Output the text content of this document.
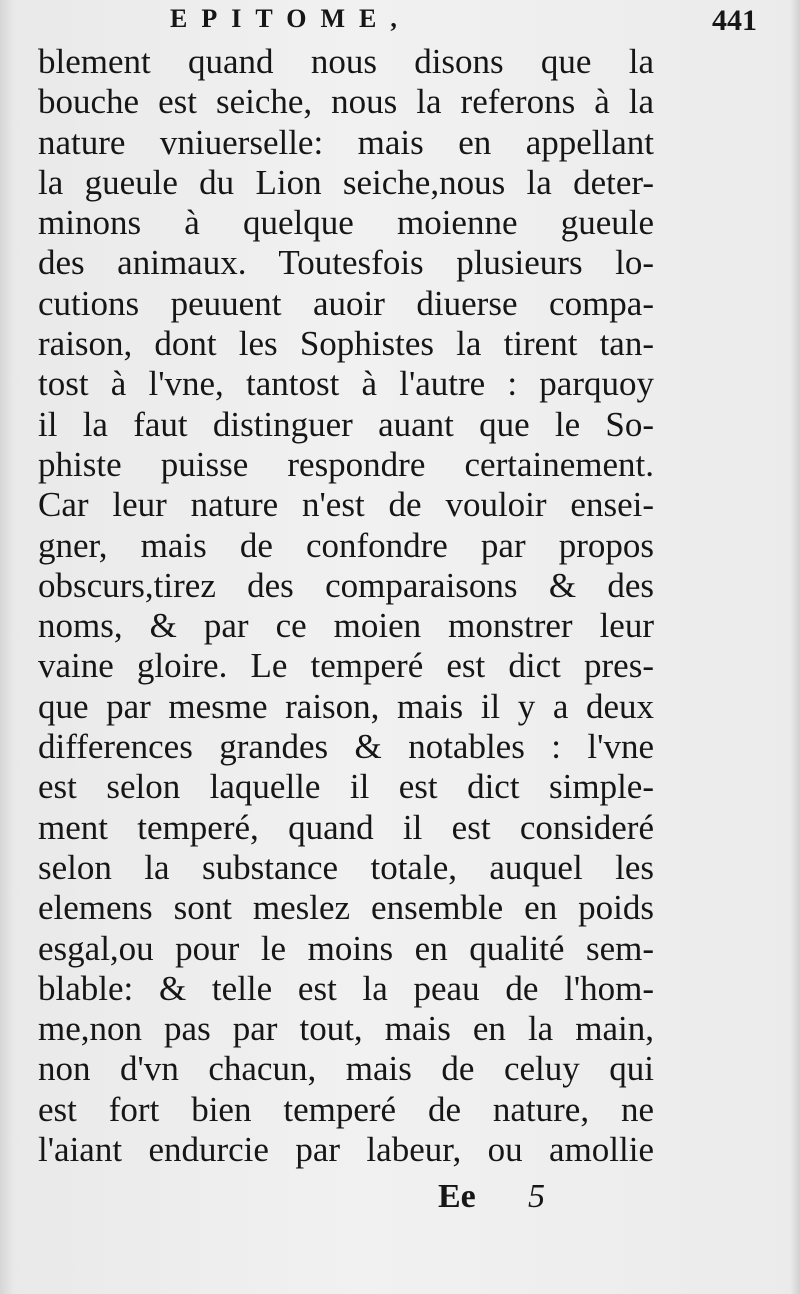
EPITOME,	441
blement quand nous disons que la
bouche est seiche, nous la referons à la
nature vniuerselle: mais en appellant
la gueule du Lion seiche,nous la deter-
minons à quelque moienne gueule
des animaux. Toutesfois plusieurs lo-
cutions peuuent auoir diuerse compa-
raison, dont les Sophistes la tirent tan-
tost à l'vne, tantost à l'autre : parquoy
il la faut distinguer auant que le So-
phiste puisse respondre certainement.
Car leur nature n'est de vouloir ensei-
gner, mais de confondre par propos
obscurs,tirez des comparaisons & des
noms, & par ce moien monstrer leur
vaine gloire. Le temperé est dict pres-
que par mesme raison, mais il y a deux
differences grandes & notables : l'vne
est selon laquelle il est dict simple-
ment temperé, quand il est consideré
selon la substance totale, auquel les
elemens sont meslez ensemble en poids
esgal,ou pour le moins en qualité sem-
blable: & telle est la peau de l'hom-
me,non pas par tout, mais en la main,
non d'vn chacun, mais de celuy qui
est fort bien temperé de nature, ne
l'aiant endurcie par labeur, ou amollie
Ee 5
